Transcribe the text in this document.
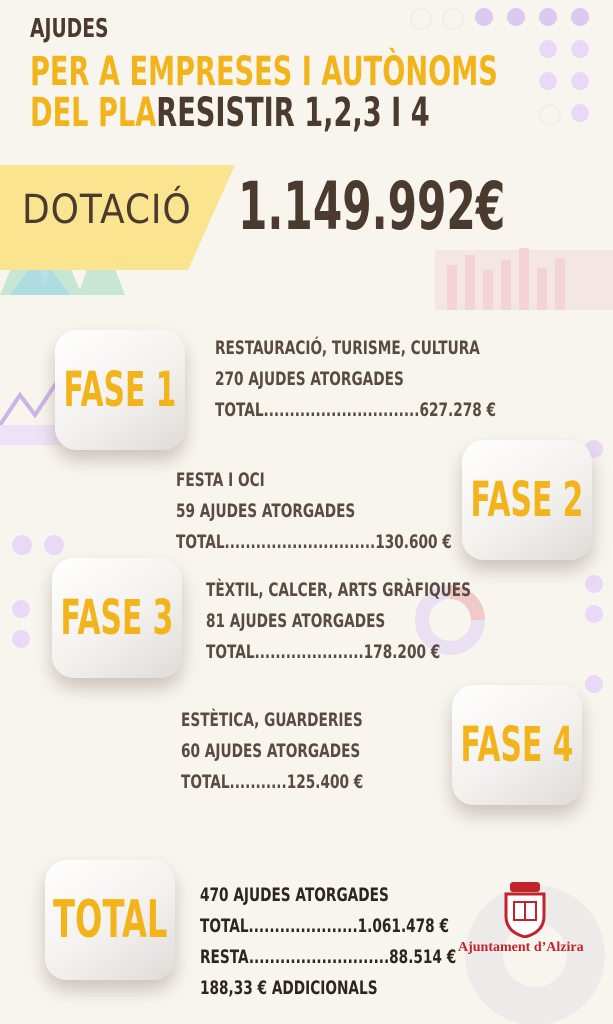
AJUDES
PER A EMPRESES I AUTÒNOMS
DEL PLARESISTIR 1,2,3 I 4
DOTACIÓ 1.149.992€
FASE 1
RESTAURACIÓ, TURISME, CULTURA
270 AJUDES ATORGADES
TOTAL..............................627.278 €
FASE 2
FESTA I OCI
59 AJUDES ATORGADES
TOTAL.............................130.600 €
FASE 3 TÈXTIL, CALCER, ARTS GRÀFIQUES
81 AJUDES ATORGADES
TOTAL.....................178.200 €
FASE 4
ESTÈTICA, GUARDERIES
60 AJUDES ATORGADES
TOTAL...........125.400 €
TOTAL 470 AJUDES ATORGADES
TOTAL.....................1.061.478 €
RESTA...........................88.514 €
188,33 € ADDICIONALS
Ajuntament d’Alzira
